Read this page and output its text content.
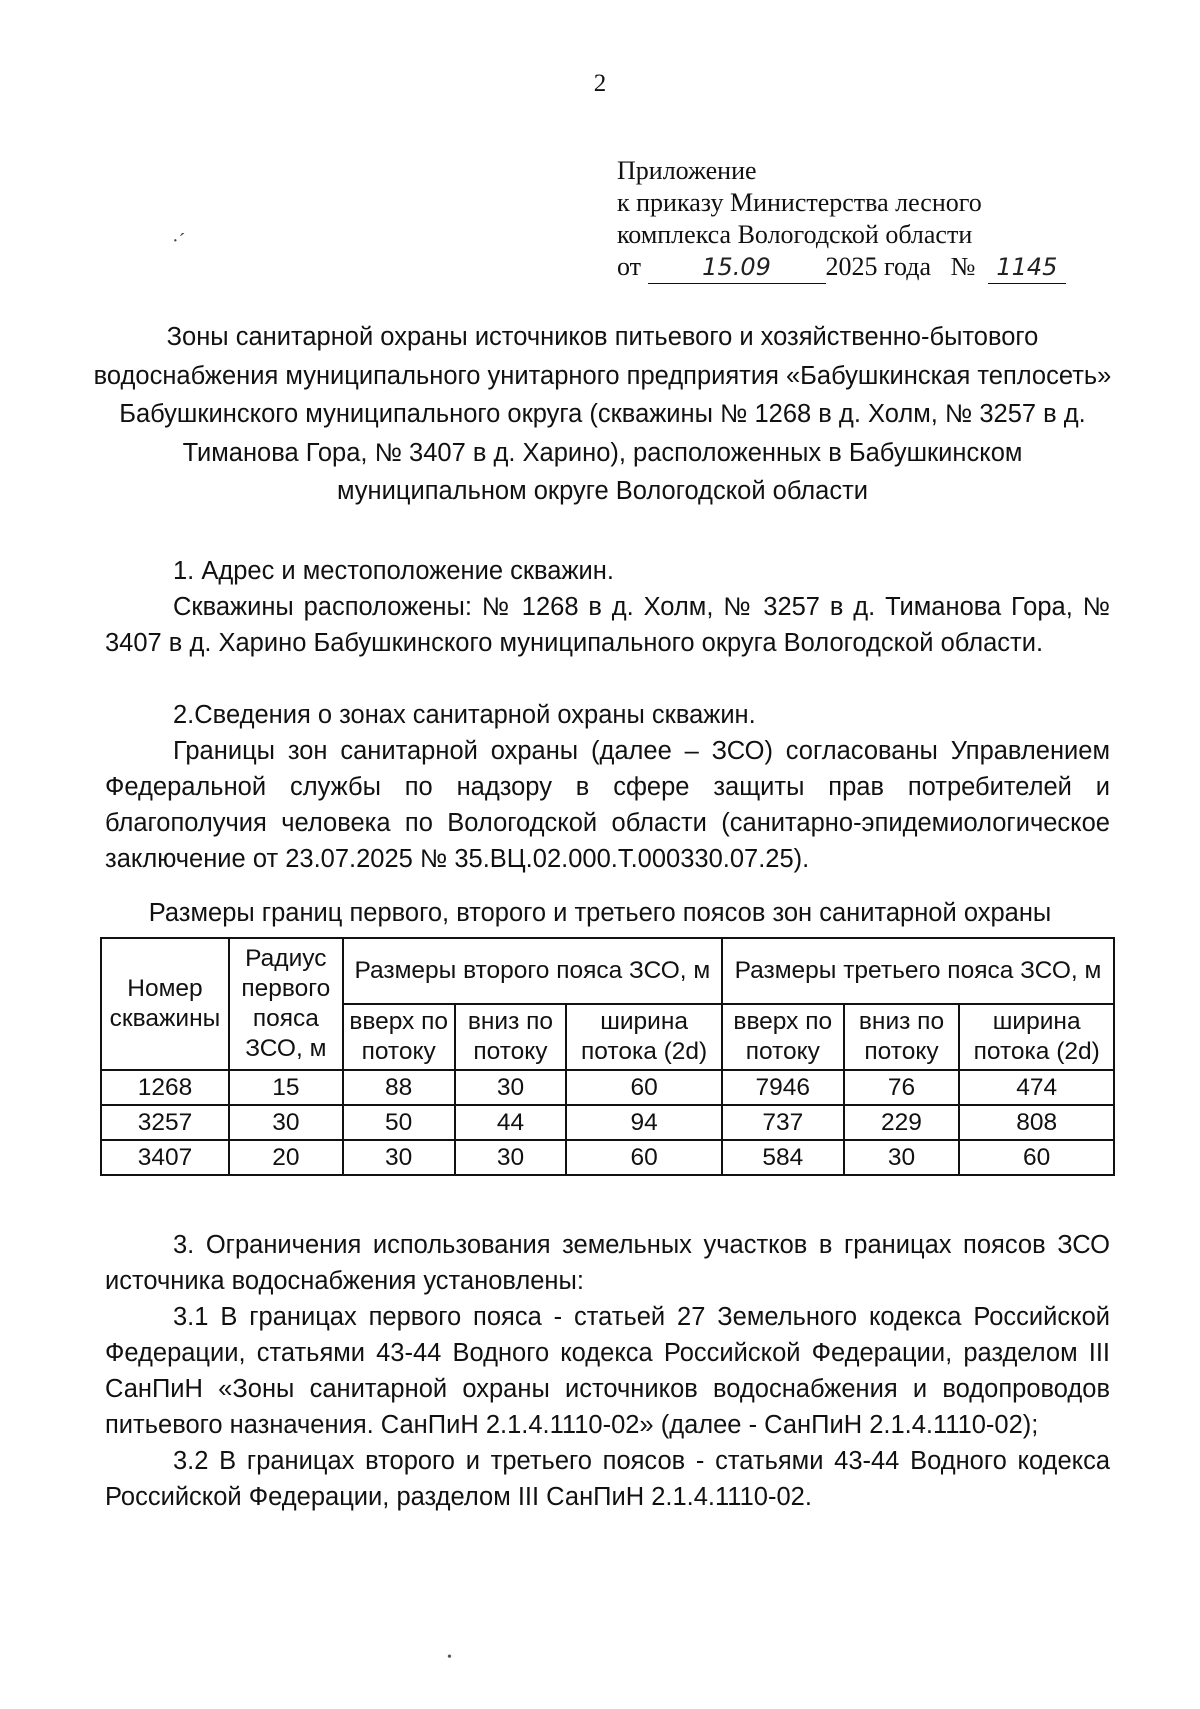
2
·´
Приложение
к приказу Министерства лесного
комплекса Вологодской области
от	15.09 2025 года № 1145
Зоны санитарной охраны источников питьевого и хозяйственно-бытового водоснабжения муниципального унитарного предприятия «Бабушкинская теплосеть» Бабушкинского муниципального округа (скважины № 1268 в д. Холм, № 3257 в д. Тиманова Гора, № 3407 в д. Харино), расположенных в Бабушкинском муниципальном округе Вологодской области
1. Адрес и местоположение скважин.
Скважины расположены: № 1268 в д. Холм, № 3257 в д. Тиманова Гора, № 3407 в д. Харино Бабушкинского муниципального округа Вологодской области.
2.Сведения о зонах санитарной охраны скважин.
Границы зон санитарной охраны (далее – ЗСО) согласованы Управлением Федеральной службы по надзору в сфере защиты прав потребителей и благополучия человека по Вологодской области (санитарно-эпидемиологическое заключение от 23.07.2025 № 35.ВЦ.02.000.Т.000330.07.25).
Размеры границ первого, второго и третьего поясов зон санитарной охраны
Номер скважины	Радиус первого пояса ЗСО, м	Размеры второго пояса ЗСО, м			Размеры третьего пояса ЗСО, м		
		вверх по потоку	вниз по потоку	ширина потока (2d)	вверх по потоку	вниз по потоку	ширина потока (2d)
1268	15	88	30	60	7946	76	474
3257	30	50	44	94	737	229	808
3407	20	30	30	60	584	30	60
3. Ограничения использования земельных участков в границах поясов ЗСО источника водоснабжения установлены:
3.1 В границах первого пояса - статьей 27 Земельного кодекса Российской Федерации, статьями 43-44 Водного кодекса Российской Федерации, разделом III СанПиН «Зоны санитарной охраны источников водоснабжения и водопроводов питьевого назначения. СанПиН 2.1.4.1110-02» (далее - СанПиН 2.1.4.1110-02);
3.2 В границах второго и третьего поясов - статьями 43-44 Водного кодекса Российской Федерации, разделом III СанПиН 2.1.4.1110-02.
•
